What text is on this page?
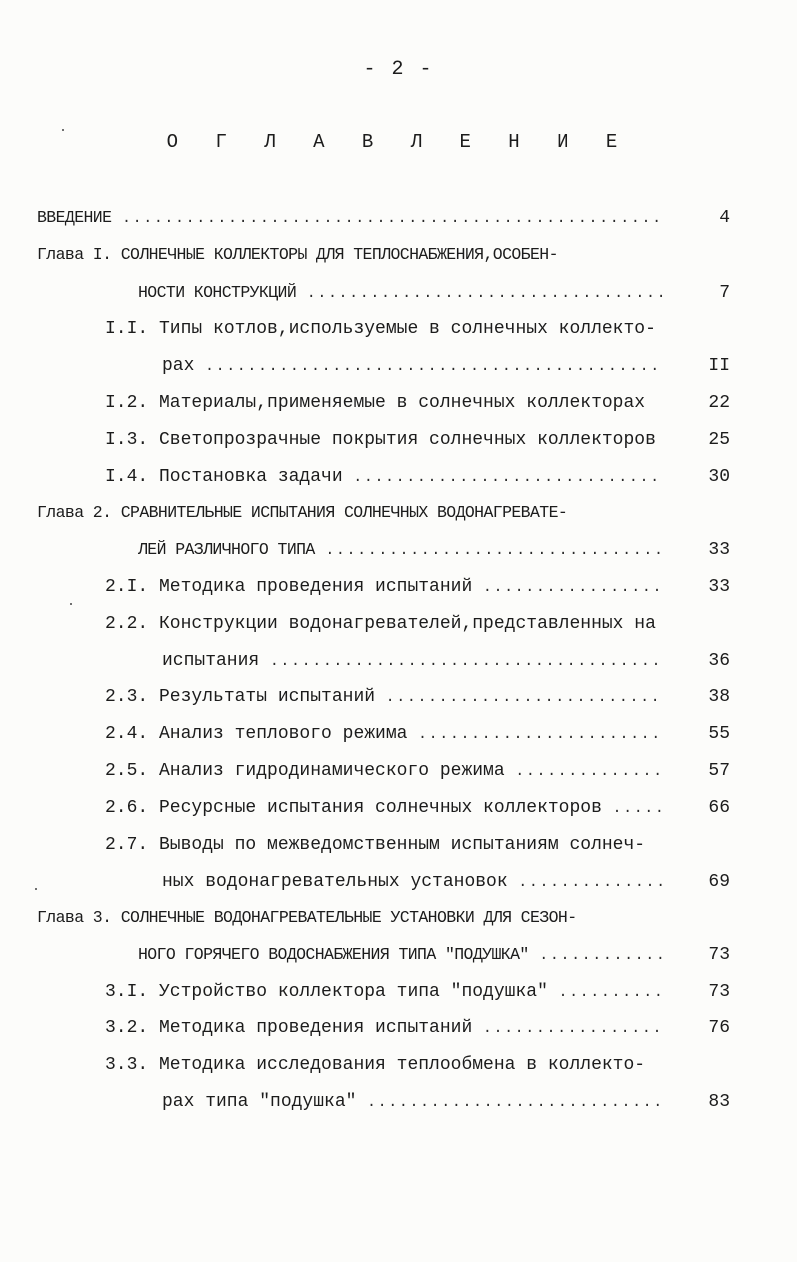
- 2 -
О Г Л А В Л Е Н И Е
ВВЕДЕНИЕ ...................................................	4
Глава I. СОЛНЕЧНЫЕ КОЛЛЕКТОРЫ ДЛЯ ТЕПЛОСНАБЖЕНИЯ,ОСОБЕН-
НОСТИ КОНСТРУКЦИЙ ..................................	7
I.I. Типы котлов,используемые в солнечных коллекто-
рах ...........................................	II
I.2. Материалы,применяемые в солнечных коллекторах	22
I.3. Светопрозрачные покрытия солнечных коллекторов	25
I.4. Постановка задачи .............................	30
Глава 2. СРАВНИТЕЛЬНЫЕ ИСПЫТАНИЯ СОЛНЕЧНЫХ ВОДОНАГРЕВАТЕ-
ЛЕЙ РАЗЛИЧНОГО ТИПА ................................	33
2.I. Методика проведения испытаний .................	33
2.2. Конструкции водонагревателей,представленных на
испытания .....................................	36
2.3. Результаты испытаний ..........................	38
2.4. Анализ теплового режима .......................	55
2.5. Анализ гидродинамического режима ..............	57
2.6. Ресурсные испытания солнечных коллекторов .....	66
2.7. Выводы по межведомственным испытаниям солнеч-
ных водонагревательных установок ..............	69
Глава 3. СОЛНЕЧНЫЕ ВОДОНАГРЕВАТЕЛЬНЫЕ УСТАНОВКИ ДЛЯ СЕЗОН-
НОГО ГОРЯЧЕГО ВОДОСНАБЖЕНИЯ ТИПА "ПОДУШКА" ............	73
3.I. Устройство коллектора типа "подушка" ..........	73
3.2. Методика проведения испытаний .................	76
3.3. Методика исследования теплообмена в коллекто-
рах типа "подушка" ............................	83
